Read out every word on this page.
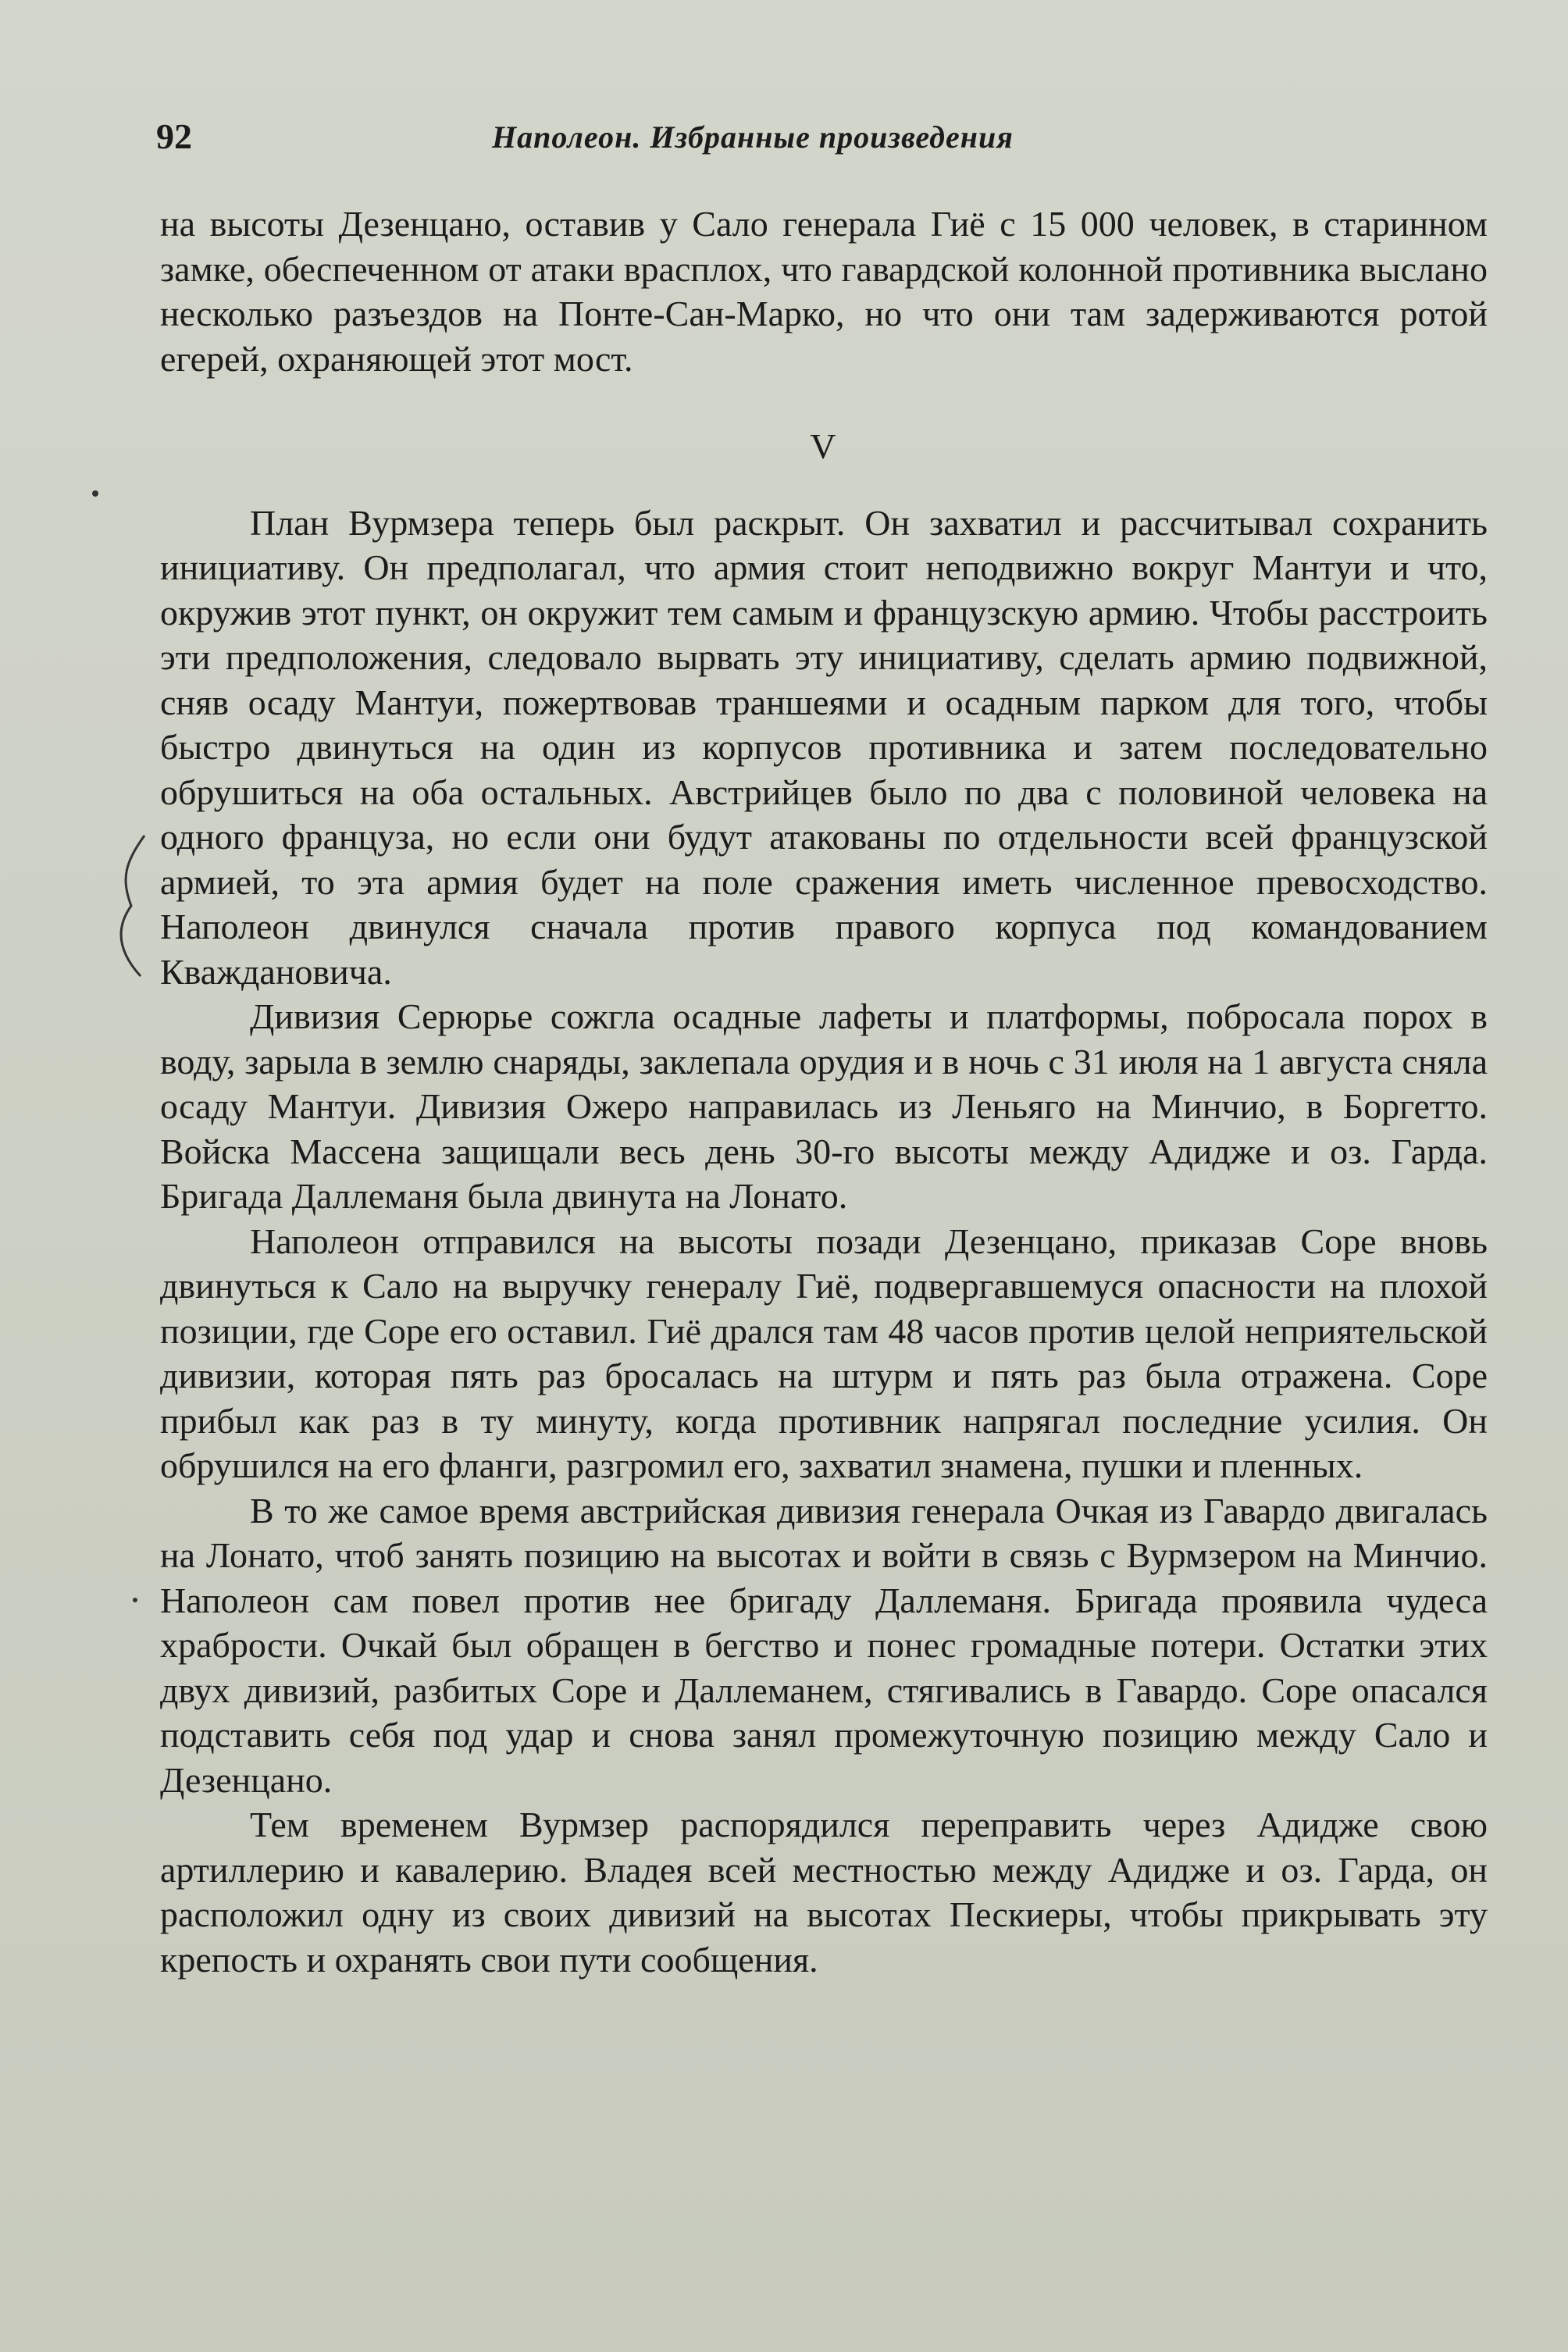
92	Наполеон. Избранные произведения

на высоты Дезенцано, оставив у Сало генерала Гиё с 15 000 человек, в старинном замке, обеспеченном от атаки врасплох, что гавардской колонной противника выслано несколько разъездов на Понте-Сан-Марко, но что они там задерживаются ротой егерей, охраняющей этот мост.

V

План Вурмзера теперь был раскрыт. Он захватил и рассчитывал сохранить инициативу. Он предполагал, что армия стоит неподвижно вокруг Мантуи и что, окружив этот пункт, он окружит тем самым и французскую армию. Чтобы расстроить эти предположения, следовало вырвать эту инициативу, сделать армию подвижной, сняв осаду Мантуи, пожертвовав траншеями и осадным парком для того, чтобы быстро двинуться на один из корпусов противника и затем последовательно обрушиться на оба остальных. Австрийцев было по два с половиной человека на одного француза, но если они будут атакованы по отдельности всей французской армией, то эта армия будет на поле сражения иметь численное превосходство. Наполеон двинулся сначала против правого корпуса под командованием Кваждановича.

Дивизия Серюрье сожгла осадные лафеты и платформы, побросала порох в воду, зарыла в землю снаряды, заклепала орудия и в ночь с 31 июля на 1 августа сняла осаду Мантуи. Дивизия Ожеро направилась из Леньяго на Минчио, в Боргетто. Войска Массена защищали весь день 30-го высоты между Адидже и оз. Гарда. Бригада Даллеманя была двинута на Лонато.

Наполеон отправился на высоты позади Дезенцано, приказав Соре вновь двинуться к Сало на выручку генералу Гиё, подвергавшемуся опасности на плохой позиции, где Соре его оставил. Гиё дрался там 48 часов против целой неприятельской дивизии, которая пять раз бросалась на штурм и пять раз была отражена. Соре прибыл как раз в ту минуту, когда противник напрягал последние усилия. Он обрушился на его фланги, разгромил его, захватил знамена, пушки и пленных.

В то же самое время австрийская дивизия генерала Очкая из Гавардо двигалась на Лонато, чтоб занять позицию на высотах и войти в связь с Вурмзером на Минчио. Наполеон сам повел против нее бригаду Даллеманя. Бригада проявила чудеса храбрости. Очкай был обращен в бегство и понес громадные потери. Остатки этих двух дивизий, разбитых Соре и Даллеманем, стягивались в Гавардо. Соре опасался подставить себя под удар и снова занял промежуточную позицию между Сало и Дезенцано.

Тем временем Вурмзер распорядился переправить через Адидже свою артиллерию и кавалерию. Владея всей местностью между Адидже и оз. Гарда, он расположил одну из своих дивизий на высотах Пескиеры, чтобы прикрывать эту крепость и охранять свои пути сообщения.
